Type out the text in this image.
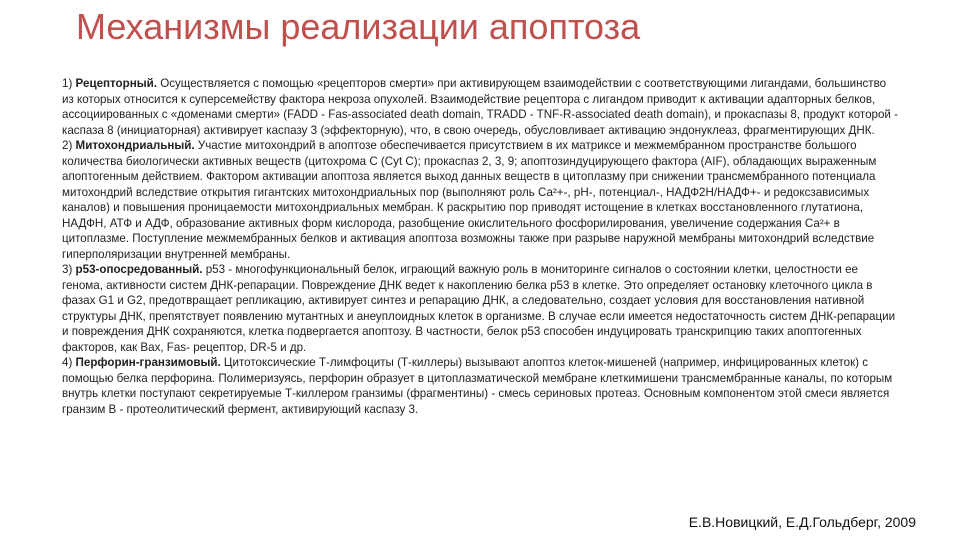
Механизмы реализации апоптоза

1) Рецепторный. Осуществляется с помощью «рецепторов смерти» при активирующем взаимодействии с соответствующими лигандами, большинство из которых относится к суперсемейству фактора некроза опухолей. Взаимодействие рецептора с лигандом приводит к активации адапторных белков, ассоциированных с «доменами смерти» (FADD - Fas-associated death domain, TRADD - TNF-R-associated death domain), и прокаспазы 8, продукт которой - каспаза 8 (инициаторная) активирует каспазу 3 (эффекторную), что, в свою очередь, обусловливает активацию эндонуклеаз, фрагментирующих ДНК.

2) Митохондриальный. Участие митохондрий в апоптозе обеспечивается присутствием в их матриксе и межмембранном пространстве большого количества биологически активных веществ (цитохрома С (Cyt C); прокаспаз 2, 3, 9; апоптозиндуцирующего фактора (AIF), обладающих выраженным апоптогенным действием. Фактором активации апоптоза является выход данных веществ в цитоплазму при снижении трансмембранного потенциала митохондрий вследствие открытия гигантских митохондриальных пор (выполняют роль Са²+-, рН-, потенциал-, НАДФ2Н/НАДФ+- и редоксзависимых каналов) и повышения проницаемости митохондриальных мембран. К раскрытию пор приводят истощение в клетках восстановленного глутатиона, НАДФН, АТФ и АДФ, образование активных форм кислорода, разобщение окислительного фосфорилирования, увеличение содержания Са²+ в цитоплазме. Поступление межмембранных белков и активация апоптоза возможны также при разрыве наружной мембраны митохондрий вследствие гиперполяризации внутренней мембраны.

3) р53-опосредованный. р53 - многофункциональный белок, играющий важную роль в мониторинге сигналов о состоянии клетки, целостности ее генома, активности систем ДНК-репарации. Повреждение ДНК ведет к накоплению белка р53 в клетке. Это определяет остановку клеточного цикла в фазах G1 и G2, предотвращает репликацию, активирует синтез и репарацию ДНК, а следовательно, создает условия для восстановления нативной структуры ДНК, препятствует появлению мутантных и анеуплоидных клеток в организме. В случае если имеется недостаточность систем ДНК-репарации и повреждения ДНК сохраняются, клетка подвергается апоптозу. В частности, белок р53 способен индуцировать транскрипцию таких апоптогенных факторов, как Вах, Fas- рецептор, DR-5 и др.

4) Перфорин-гранзимовый. Цитотоксические Т-лимфоциты (Т-киллеры) вызывают апоптоз клеток-мишеней (например, инфицированных клеток) с помощью белка перфорина. Полимеризуясь, перфорин образует в цитоплазматической мембране клеткимишени трансмембранные каналы, по которым внутрь клетки поступают секретируемые Т-киллером гранзимы (фрагментины) - смесь сериновых протеаз. Основным компонентом этой смеси является гранзим В - протеолитический фермент, активирующий каспазу 3.

Е.В.Новицкий, Е.Д.Гольдберг, 2009
